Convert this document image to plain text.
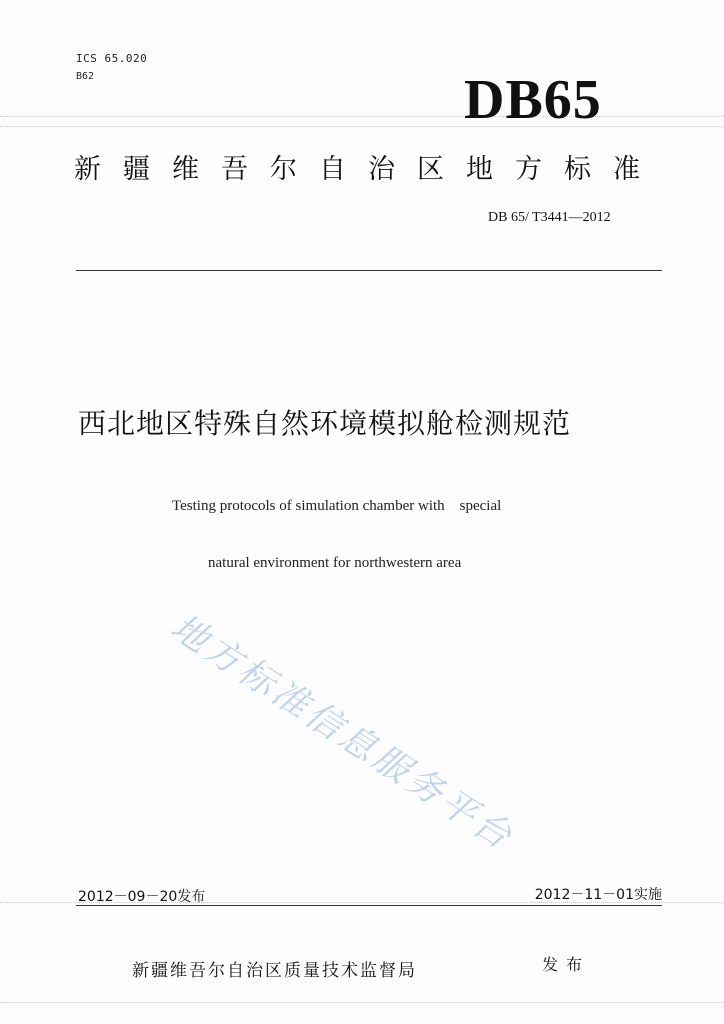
ICS 65.020
B62	DB65
新疆维吾尔自治区地方标准
DB 65/ T3441—2012
西北地区特殊自然环境模拟舱检测规范
Testing protocols of simulation chamber with    special
natural environment for northwestern area
地方标准信息服务平台
2012－09－20发布	2012－11－01实施
新疆维吾尔自治区质量技术监督局	发布
